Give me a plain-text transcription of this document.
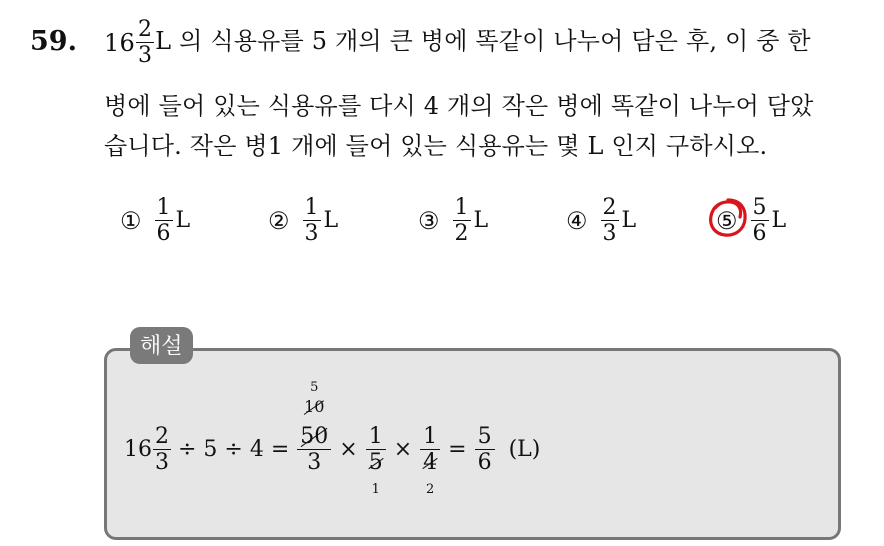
59. $16 \frac{2}{3}$ L 의 식용유를 5 개의 큰 병에 똑같이 나누어 담은 후, 이 중 한
병에 들어 있는 식용유를 다시 4 개의 작은 병에 똑같이 나누어 담았
습니다. 작은 병1 개에 들어 있는 식용유는 몇 L 인지 구하시오.
① $\frac{1}{6}$ L	② $\frac{1}{3}$ L	③ $\frac{1}{2}$ L	④ $\frac{2}{3}$ L	⑤ $\frac{5}{6}$ L
해설
$16 \frac{2}{3} \div 5 \div 4$ =
5
10
50
3
×
1
5
1
×
1
4
2
= $\frac{5}{6} (L)$
